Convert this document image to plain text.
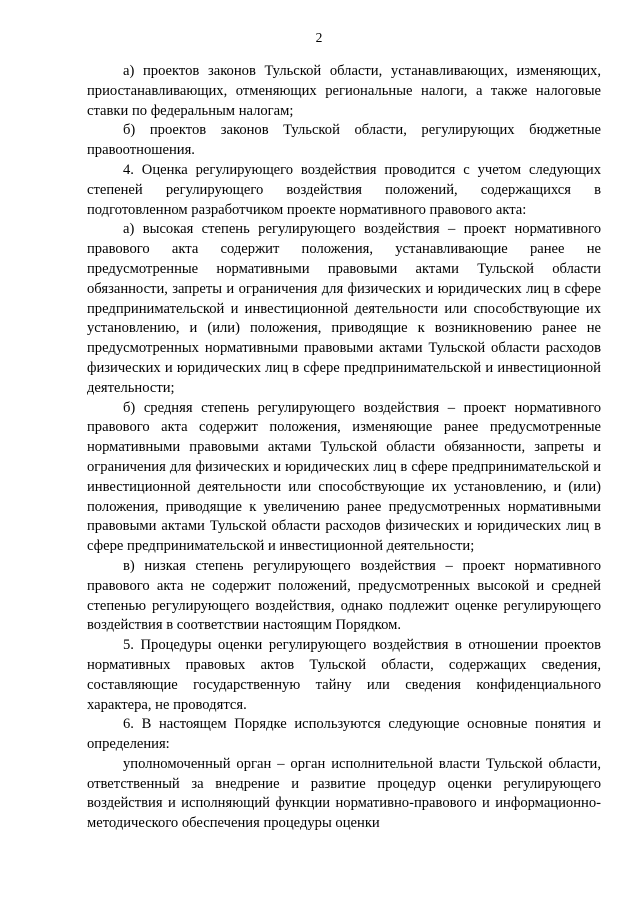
2

а) проектов законов Тульской области, устанавливающих, изменяющих, приостанавливающих, отменяющих региональные налоги, а также налоговые ставки по федеральным налогам;

б) проектов законов Тульской области, регулирующих бюджетные правоотношения.

4. Оценка регулирующего воздействия проводится с учетом следующих степеней регулирующего воздействия положений, содержащихся в подготовленном разработчиком проекте нормативного правового акта:

а) высокая степень регулирующего воздействия – проект нормативного правового акта содержит положения, устанавливающие ранее не предусмотренные нормативными правовыми актами Тульской области обязанности, запреты и ограничения для физических и юридических лиц в сфере предпринимательской и инвестиционной деятельности или способствующие их установлению, и (или) положения, приводящие к возникновению ранее не предусмотренных нормативными правовыми актами Тульской области расходов физических и юридических лиц в сфере предпринимательской и инвестиционной деятельности;

б) средняя степень регулирующего воздействия – проект нормативного правового акта содержит положения, изменяющие ранее предусмотренные нормативными правовыми актами Тульской области обязанности, запреты и ограничения для физических и юридических лиц в сфере предпринимательской и инвестиционной деятельности или способствующие их установлению, и (или) положения, приводящие к увеличению ранее предусмотренных нормативными правовыми актами Тульской области расходов физических и юридических лиц в сфере предпринимательской и инвестиционной деятельности;

в) низкая степень регулирующего воздействия – проект нормативного правового акта не содержит положений, предусмотренных высокой и средней степенью регулирующего воздействия, однако подлежит оценке регулирующего воздействия в соответствии настоящим Порядком.

5. Процедуры оценки регулирующего воздействия в отношении проектов нормативных правовых актов Тульской области, содержащих сведения, составляющие государственную тайну или сведения конфиденциального характера, не проводятся.

6. В настоящем Порядке используются следующие основные понятия и определения:

уполномоченный орган – орган исполнительной власти Тульской области, ответственный за внедрение и развитие процедур оценки регулирующего воздействия и исполняющий функции нормативно-правового и информационно-методического обеспечения процедуры оценки
